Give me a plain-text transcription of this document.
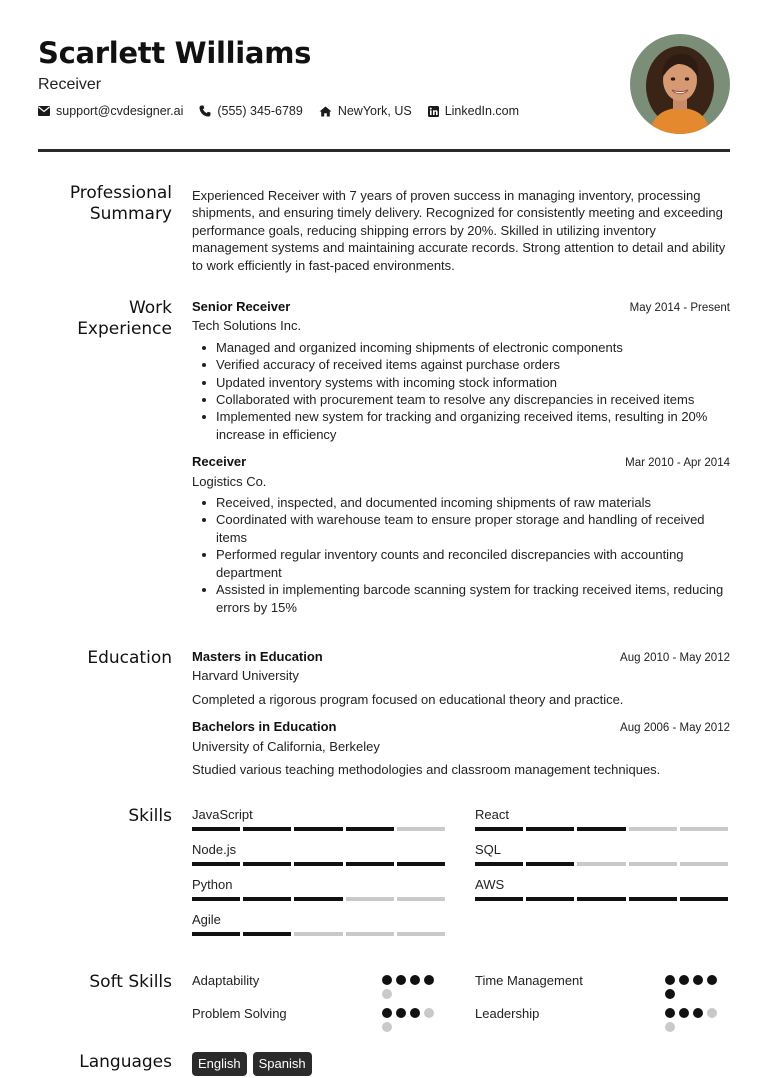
Scarlett Williams
Receiver
support@cvdesigner.ai	(555) 345-6789	NewYork, US	LinkedIn.com
Professional
Summary
Experienced Receiver with 7 years of proven success in managing inventory, processing shipments, and ensuring timely delivery. Recognized for consistently meeting and exceeding performance goals, reducing shipping errors by 20%. Skilled in utilizing inventory management systems and maintaining accurate records. Strong attention to detail and ability to work efficiently in fast-paced environments.
Work
Experience
Senior Receiver	May 2014 - Present
Tech Solutions Inc.
Managed and organized incoming shipments of electronic components
Verified accuracy of received items against purchase orders
Updated inventory systems with incoming stock information
Collaborated with procurement team to resolve any discrepancies in received items
Implemented new system for tracking and organizing received items, resulting in 20% increase in efficiency
Receiver	Mar 2010 - Apr 2014
Logistics Co.
Received, inspected, and documented incoming shipments of raw materials
Coordinated with warehouse team to ensure proper storage and handling of received items
Performed regular inventory counts and reconciled discrepancies with accounting department
Assisted in implementing barcode scanning system for tracking received items, reducing errors by 15%
Education Masters in Education	Aug 2010 - May 2012
Harvard University
Completed a rigorous program focused on educational theory and practice.
Bachelors in Education	Aug 2006 - May 2012
University of California, Berkeley
Studied various teaching methodologies and classroom management techniques.
Skills JavaScript	React
Node.js	SQL
Python	AWS
Agile
Soft Skills Adaptability	Time Management
Problem Solving	Leadership
Languages	English	Spanish
